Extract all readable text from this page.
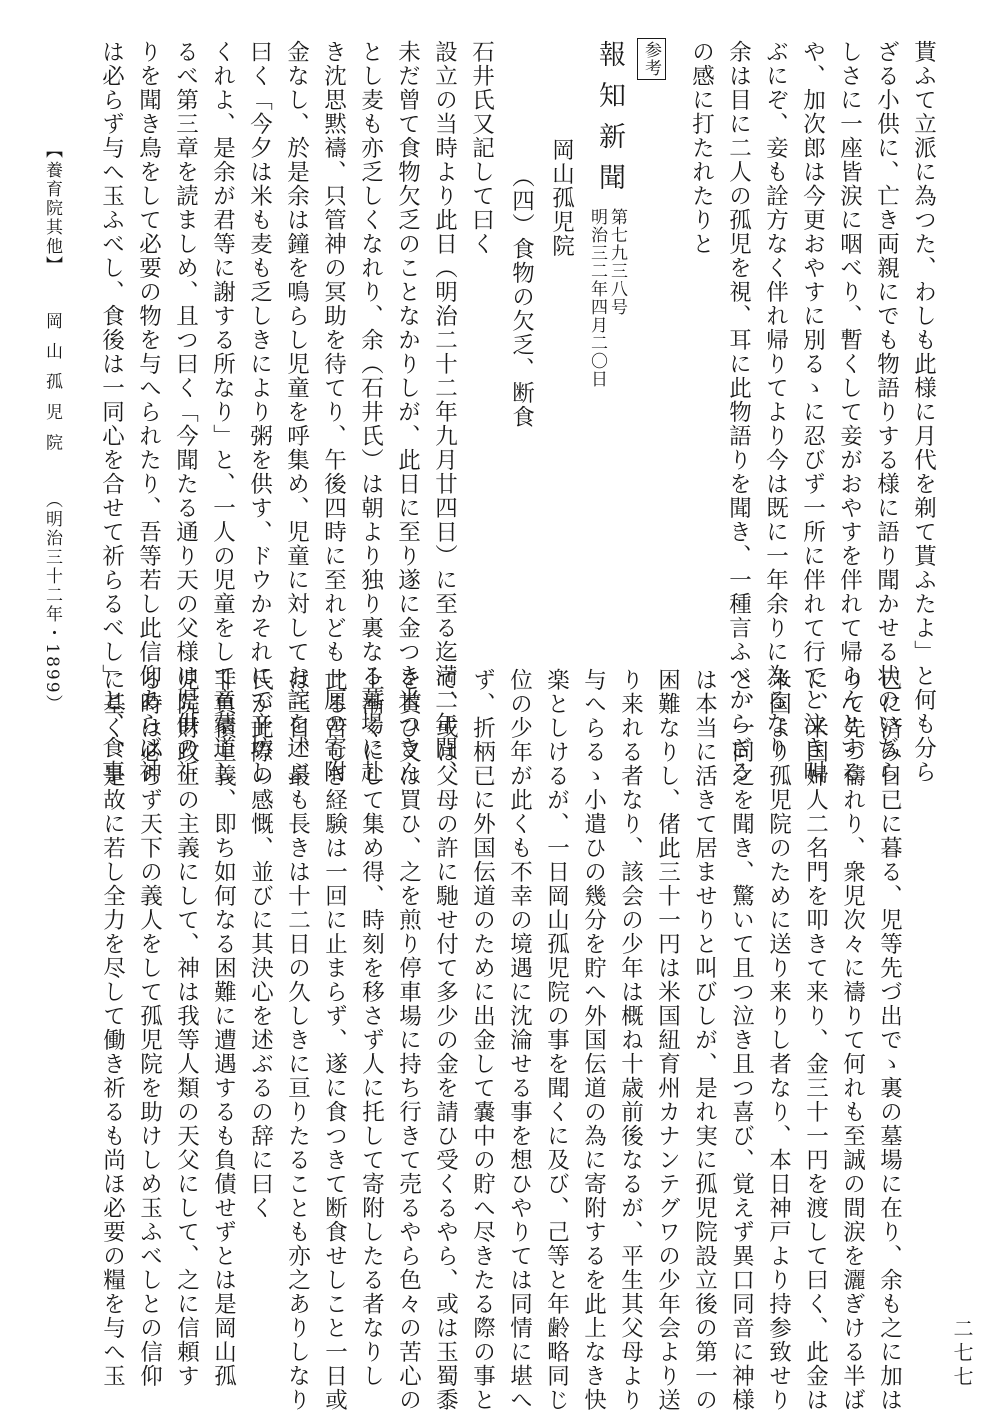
貰ふて立派に為つた、わしも此様に月代を剃て貰ふたよ」と何も分ら
ざる小供に、亡き両親にでも物語りする様に語り聞かせる状のいぢら
しさに一座皆涙に咽べり、暫くして妾がおやすを伴れて帰らんとする
や、加次郎は今更おやすに別るゝに忍びず一所に伴れて行てと泣き叫
ぶにぞ、妾も詮方なく伴れ帰りてより今は既に一年余りに為るなり
余は目に二人の孤児を視、耳に此物語りを聞き、一種言ふべからざる
の感に打たれたりと
参考
報知新聞
第七九三八号
明治三二年四月二〇日
岡山孤児院
（四）食物の欠乏、断食
石井氏又記して曰く
設立の当時より此日（明治二十二年九月廿四日）に至る迄満二年間、
未だ曾て食物欠乏のことなかりしが、此日に至り遂に金つき米つきん
とし麦も亦乏しくなれり、余（石井氏）は朝より独り裏なる墓場に赴
き沈思黙禱、只管神の冥助を待てり、午後四時に至れども一厘の寄附
金なし、於是余は鐘を鳴らし児童を呼集め、児童に対してお詫を述ぶ
曰く「今夕は米も麦も乏しきにより粥を供す、ドウかそれにて辛坊し
くれよ、是余が君等に謝する所なり」と、一人の児童をして童蒙道し
るべ第三章を読ましめ、且つ曰く「今聞たる通り天の父様は児供の祈
りを聞き鳥をして必要の物を与へられたり、吾等若し此信仰あらば神
は必らず与へ玉ふべし、食後は一同心を合せて祈らるべし」と、食事
已に済み日已に暮る、児等先づ出でゝ裏の墓場に在り、余も之に加は
りて先づ禱れり、衆児次々に禱りて何れも至誠の間涙を灑ぎける半ば
に、米国婦人二名門を叩きて来り、金三十一円を渡して曰く、此金は
米国より孤児院のために送り来りし者なり、本日神戸より持参致せり
と、一同之を聞き、驚いて且つ泣き且つ喜び、覚えず異口同音に神様
は本当に活きて居ませりと叫びしが、是れ実に孤児院設立後の第一の
困難なりし、偖此三十一円は米国紐育州カナンテグワの少年会より送
り来れる者なり、該会の少年は概ね十歳前後なるが、平生其父母より
与へらるゝ小遣ひの幾分を貯へ外国伝道の為に寄附するを此上なき快
楽としけるが、一日岡山孤児院の事を聞くに及び、己等と年齢略同じ
位の少年が此くも不幸の境遇に沈淪せる事を想ひやりては同情に堪へ
ず、折柄已に外国伝道のために出金して嚢中の貯へ尽きたる際の事と
て、或は父母の許に馳せ付て多少の金を請ひ受くるやら、或は玉蜀黍
を貰ひ又は買ひ、之を煎り停車場に持ち行きて売るやら色々の苦心の
上漸くにして集め得、時刻を移さず人に托して寄附したる者なりし
此る苦しき経験は一回に止まらず、遂に食つきて断食せしこと一日或
は三日、最も長きは十二日の久しきに亘りたることも亦之ありしなり
氏が此際の感慨、並びに其決心を述ぶるの辞に曰く
非負債主義、即ち如何なる困難に遭遇するも負債せずとは是岡山孤
児院財政上の主義にして、神は我等人類の天父にして、之に信頼す
る時は必らず天下の義人をして孤児院を助けしめ玉ふべしとの信仰
に基く、是故に若し全力を尽して働き祈るも尚ほ必要の糧を与へ玉
【養育院其他】  岡 山 孤 児 院  （明治三十二年・1899）
二七七
